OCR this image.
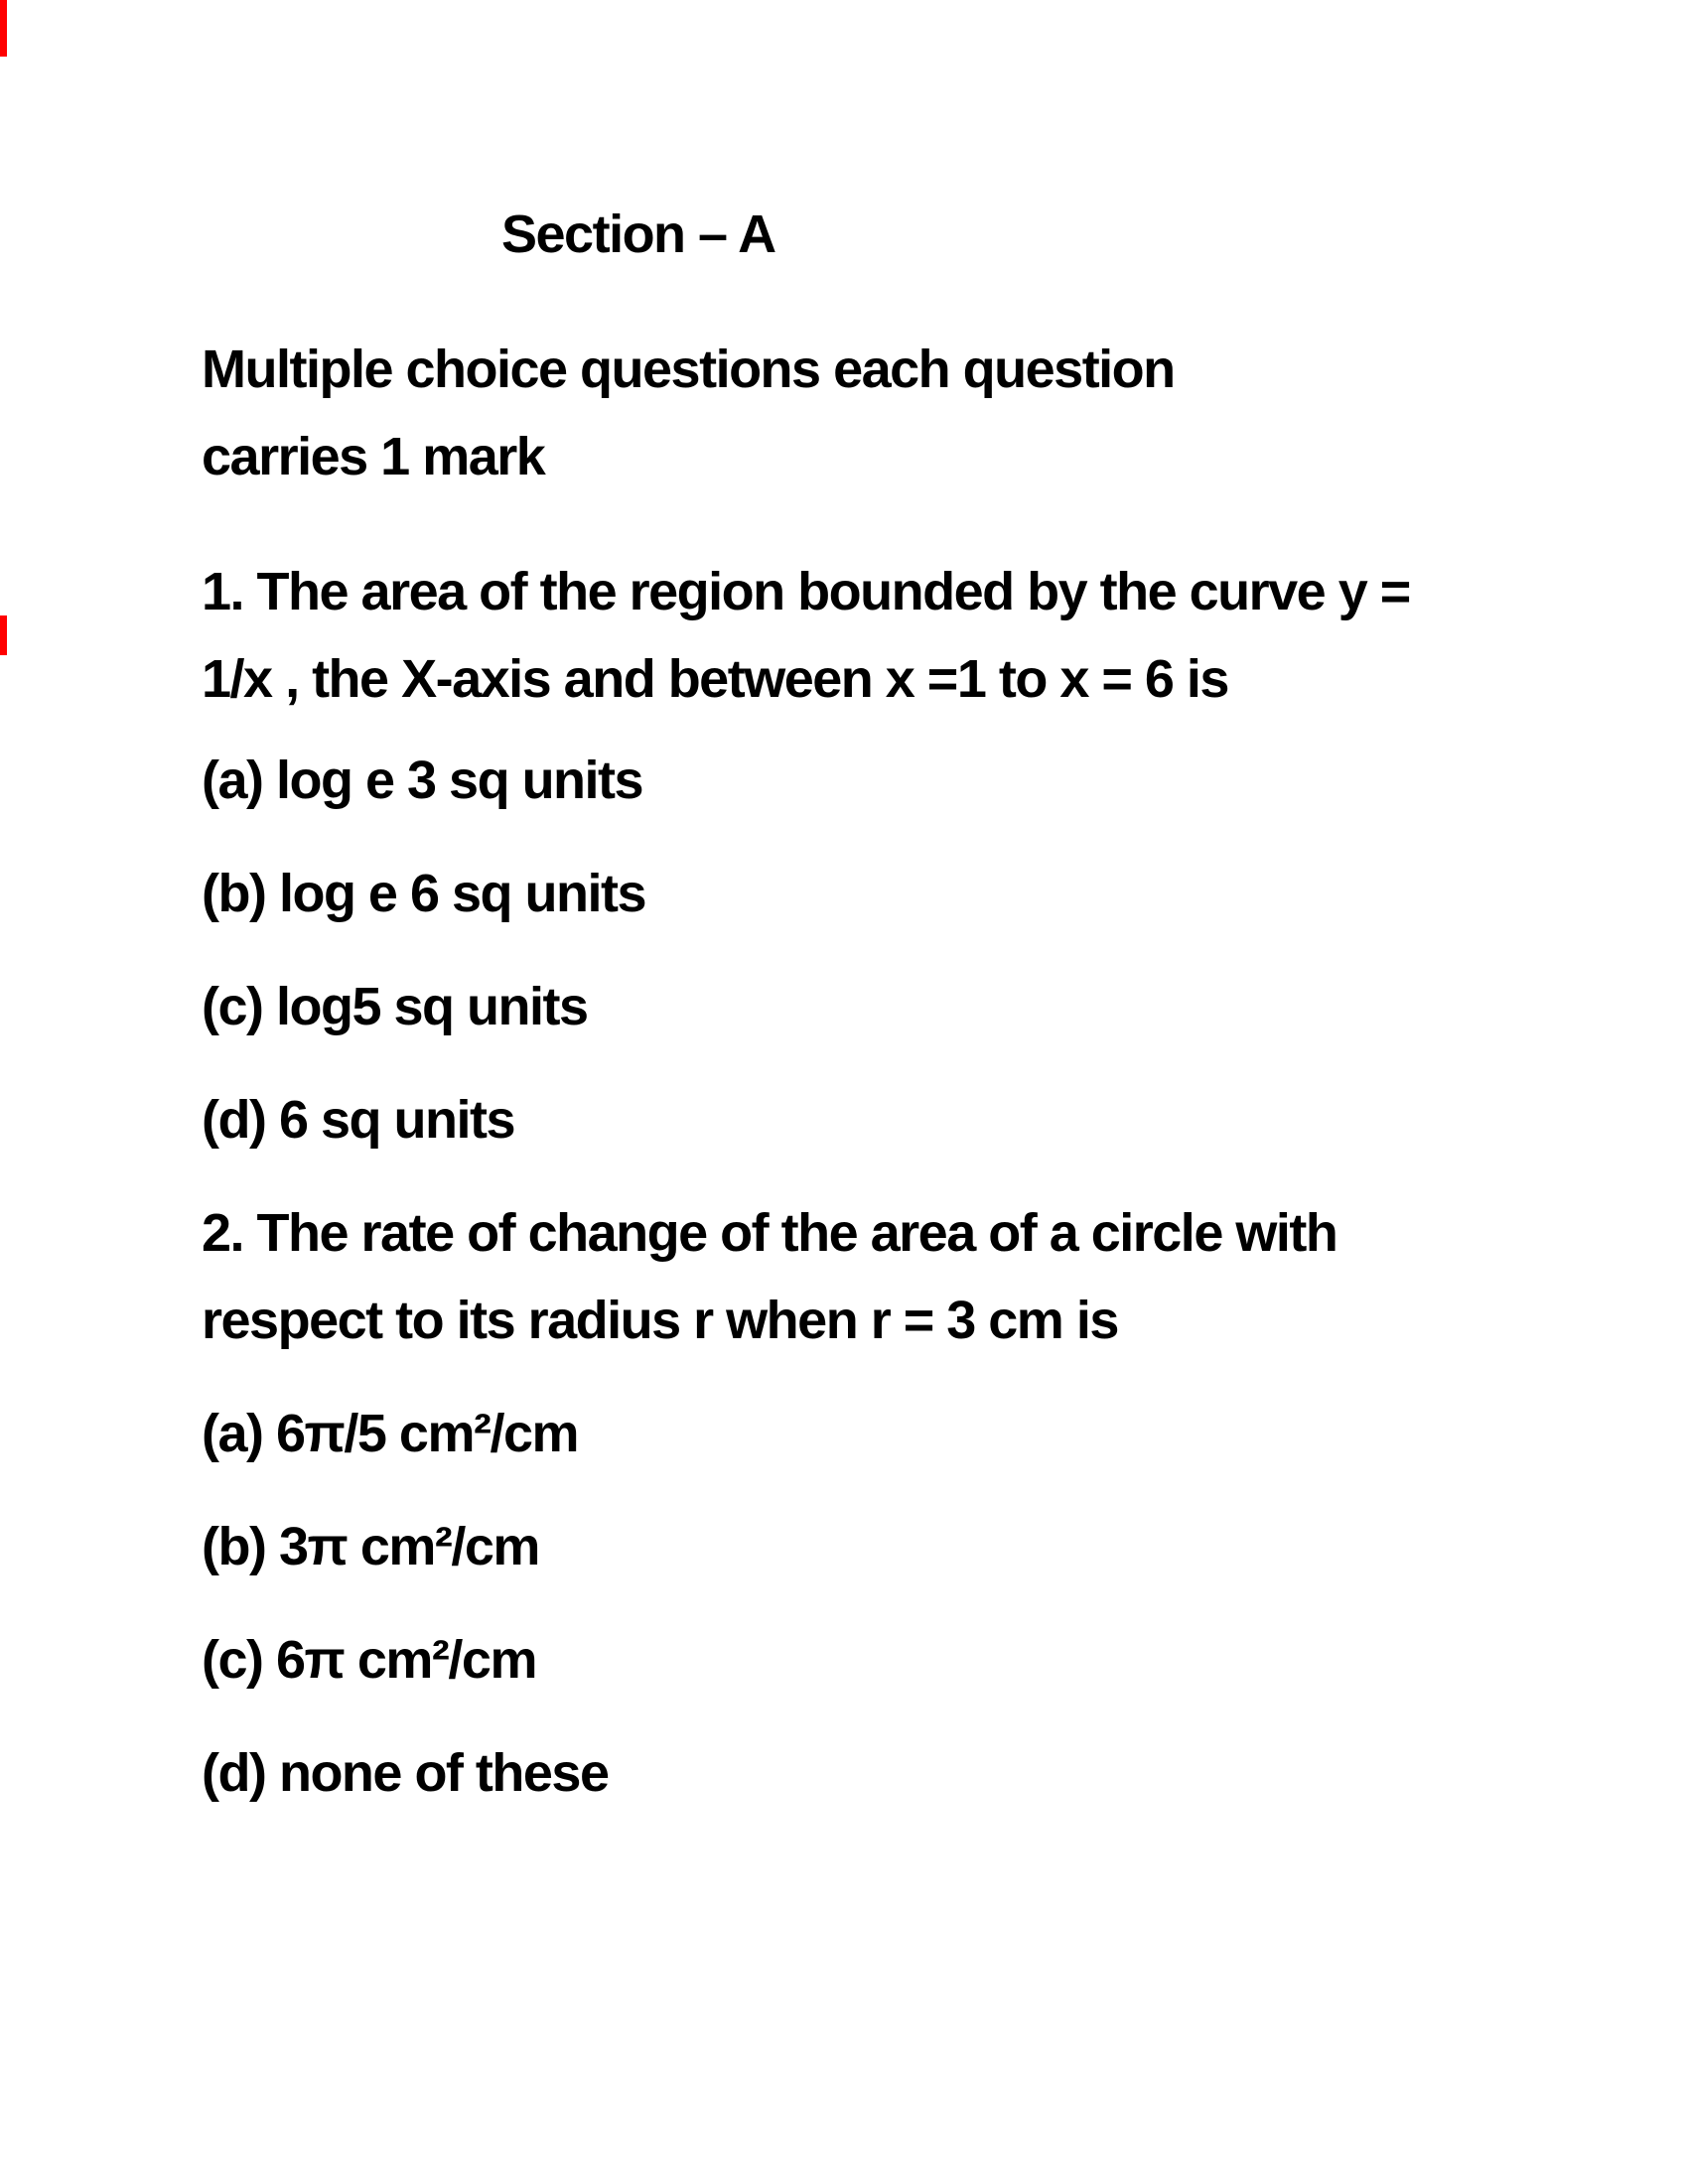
Section – A
Multiple choice questions each question
carries 1 mark
1. The area of the region bounded by the curve y =
1/x , the X-axis and between x =1 to x = 6 is
(a) log e 3 sq units
(b) log e 6 sq units
(c) log5 sq units
(d) 6 sq units
2. The rate of change of the area of a circle with
respect to its radius r when r = 3 cm is
(a) 6π/5 cm²/cm
(b) 3π cm²/cm
(c) 6π cm²/cm
(d) none of these
